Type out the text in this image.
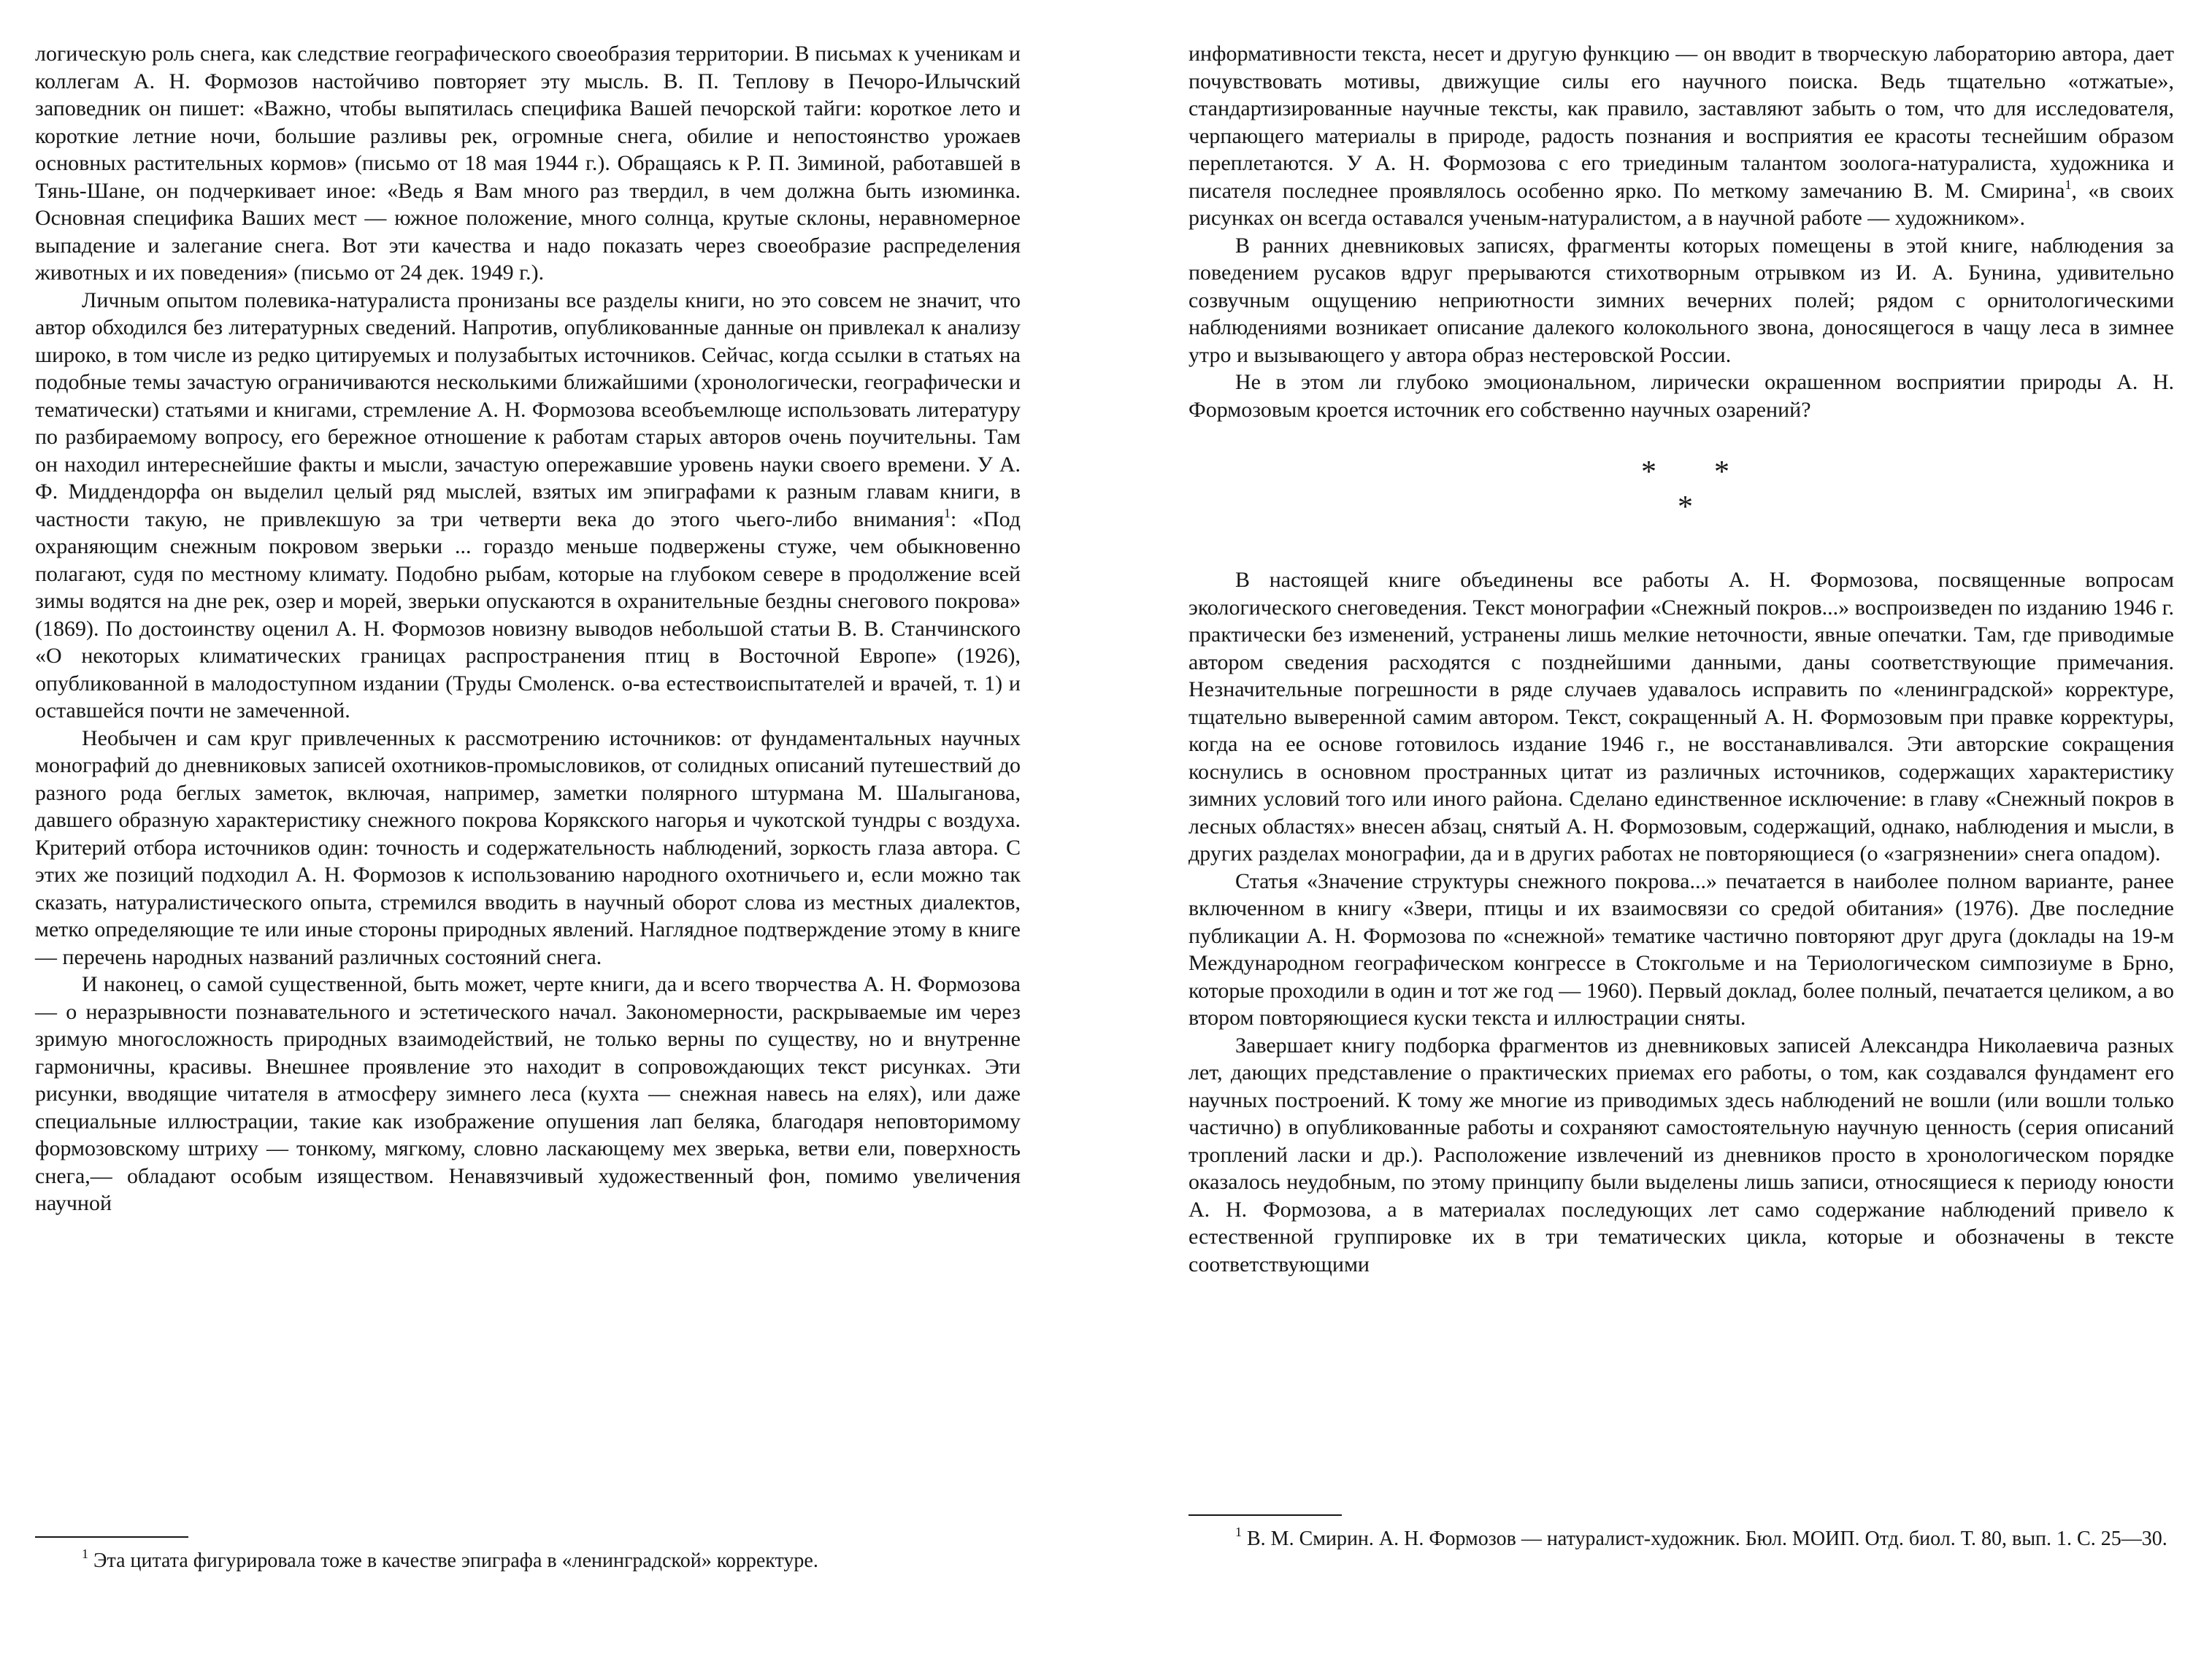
логическую роль снега, как следствие географического своеобразия территории. В письмах к ученикам и коллегам А. Н. Формозов настойчиво повторяет эту мысль. В. П. Теплову в Печоро-Илычский заповедник он пишет: «Важно, чтобы выпятилась специфика Вашей печорской тайги: короткое лето и короткие летние ночи, большие разливы рек, огромные снега, обилие и непостоянство урожаев основных растительных кормов» (письмо от 18 мая 1944 г.). Обращаясь к Р. П. Зиминой, работавшей в Тянь-Шане, он подчеркивает иное: «Ведь я Вам много раз твердил, в чем должна быть изюминка. Основная специфика Ваших мест — южное положение, много солнца, крутые склоны, неравномерное выпадение и залегание снега. Вот эти качества и надо показать через своеобразие распределения животных и их поведения» (письмо от 24 дек. 1949 г.).

Личным опытом полевика-натуралиста пронизаны все разделы книги, но это совсем не значит, что автор обходился без литературных сведений. Напротив, опубликованные данные он привлекал к анализу широко, в том числе из редко цитируемых и полузабытых источников. Сейчас, когда ссылки в статьях на подобные темы зачастую ограничиваются несколькими ближайшими (хронологически, географически и тематически) статьями и книгами, стремление А. Н. Формозова всеобъемлюще использовать литературу по разбираемому вопросу, его бережное отношение к работам старых авторов очень поучительны. Там он находил интереснейшие факты и мысли, зачастую опережавшие уровень науки своего времени. У А. Ф. Миддендорфа он выделил целый ряд мыслей, взятых им эпиграфами к разным главам книги, в частности такую, не привлекшую за три четверти века до этого чьего-либо внимания$^1$: «Под охраняющим снежным покровом зверьки ... гораздо меньше подвержены стуже, чем обыкновенно полагают, судя по местному климату. Подобно рыбам, которые на глубоком севере в продолжение всей зимы водятся на дне рек, озер и морей, зверьки опускаются в охранительные бездны снегового покрова» (1869). По достоинству оценил А. Н. Формозов новизну выводов небольшой статьи В. В. Станчинского «О некоторых климатических границах распространения птиц в Восточной Европе» (1926), опубликованной в малодоступном издании (Труды Смоленск. о-ва естествоиспытателей и врачей, т. 1) и оставшейся почти не замеченной.

Необычен и сам круг привлеченных к рассмотрению источников: от фундаментальных научных монографий до дневниковых записей охотников-промысловиков, от солидных описаний путешествий до разного рода беглых заметок, включая, например, заметки полярного штурмана М. Шалыганова, давшего образную характеристику снежного покрова Корякского нагорья и чукотской тундры с воздуха. Критерий отбора источников один: точность и содержательность наблюдений, зоркость глаза автора. С этих же позиций подходил А. Н. Формозов к использованию народного охотничьего и, если можно так сказать, натуралистического опыта, стремился вводить в научный оборот слова из местных диалектов, метко определяющие те или иные стороны природных явлений. Наглядное подтверждение этому в книге — перечень народных названий различных состояний снега.

И наконец, о самой существенной, быть может, черте книги, да и всего творчества А. Н. Формозова — о неразрывности познавательного и эстетического начал. Закономерности, раскрываемые им через зримую многосложность природных взаимодействий, не только верны по существу, но и внутренне гармоничны, красивы. Внешнее проявление это находит в сопровождающих текст рисунках. Эти рисунки, вводящие читателя в атмосферу зимнего леса (кухта — снежная навесь на елях), или даже специальные иллюстрации, такие как изображение опушения лап беляка, благодаря неповторимому формозовскому штриху — тонкому, мягкому, словно ласкающему мех зверька, ветви ели, поверхность снега,— обладают особым изяществом. Ненавязчивый художественный фон, помимо увеличения научной

$^1$ Эта цитата фигурировала тоже в качестве эпиграфа в «ленинградской» корректуре.

информативности текста, несет и другую функцию — он вводит в творческую лабораторию автора, дает почувствовать мотивы, движущие силы его научного поиска. Ведь тщательно «отжатые», стандартизированные научные тексты, как правило, заставляют забыть о том, что для исследователя, черпающего материалы в природе, радость познания и восприятия ее красоты теснейшим образом переплетаются. У А. Н. Формозова с его триединым талантом зоолога-натуралиста, художника и писателя последнее проявлялось особенно ярко. По меткому замечанию В. М. Смирина$^1$, «в своих рисунках он всегда оставался ученым-натуралистом, а в научной работе — художником».

В ранних дневниковых записях, фрагменты которых помещены в этой книге, наблюдения за поведением русаков вдруг прерываются стихотворным отрывком из И. А. Бунина, удивительно созвучным ощущению неприютности зимних вечерних полей; рядом с орнитологическими наблюдениями возникает описание далекого колокольного звона, доносящегося в чащу леса в зимнее утро и вызывающего у автора образ нестеровской России.

Не в этом ли глубоко эмоциональном, лирически окрашенном восприятии природы А. Н. Формозовым кроется источник его собственно научных озарений?

* *
*

В настоящей книге объединены все работы А. Н. Формозова, посвященные вопросам экологического снеговедения. Текст монографии «Снежный покров...» воспроизведен по изданию 1946 г. практически без изменений, устранены лишь мелкие неточности, явные опечатки. Там, где приводимые автором сведения расходятся с позднейшими данными, даны соответствующие примечания. Незначительные погрешности в ряде случаев удавалось исправить по «ленинградской» корректуре, тщательно выверенной самим автором. Текст, сокращенный А. Н. Формозовым при правке корректуры, когда на ее основе готовилось издание 1946 г., не восстанавливался. Эти авторские сокращения коснулись в основном пространных цитат из различных источников, содержащих характеристику зимних условий того или иного района. Сделано единственное исключение: в главу «Снежный покров в лесных областях» внесен абзац, снятый А. Н. Формозовым, содержащий, однако, наблюдения и мысли, в других разделах монографии, да и в других работах не повторяющиеся (о «загрязнении» снега опадом).

Статья «Значение структуры снежного покрова...» печатается в наиболее полном варианте, ранее включенном в книгу «Звери, птицы и их взаимосвязи со средой обитания» (1976). Две последние публикации А. Н. Формозова по «снежной» тематике частично повторяют друг друга (доклады на 19-м Международном географическом конгрессе в Стокгольме и на Териологическом симпозиуме в Брно, которые проходили в один и тот же год — 1960). Первый доклад, более полный, печатается целиком, а во втором повторяющиеся куски текста и иллюстрации сняты.

Завершает книгу подборка фрагментов из дневниковых записей Александра Николаевича разных лет, дающих представление о практических приемах его работы, о том, как создавался фундамент его научных построений. К тому же многие из приводимых здесь наблюдений не вошли (или вошли только частично) в опубликованные работы и сохраняют самостоятельную научную ценность (серия описаний троплений ласки и др.). Расположение извлечений из дневников просто в хронологическом порядке оказалось неудобным, по этому принципу были выделены лишь записи, относящиеся к периоду юности А. Н. Формозова, а в материалах последующих лет само содержание наблюдений привело к естественной группировке их в три тематических цикла, которые и обозначены в тексте соответствующими

$^1$ В. М. Смирин. А. Н. Формозов — натуралист-художник. Бюл. МОИП. Отд. биол. Т. 80, вып. 1. С. 25—30.
